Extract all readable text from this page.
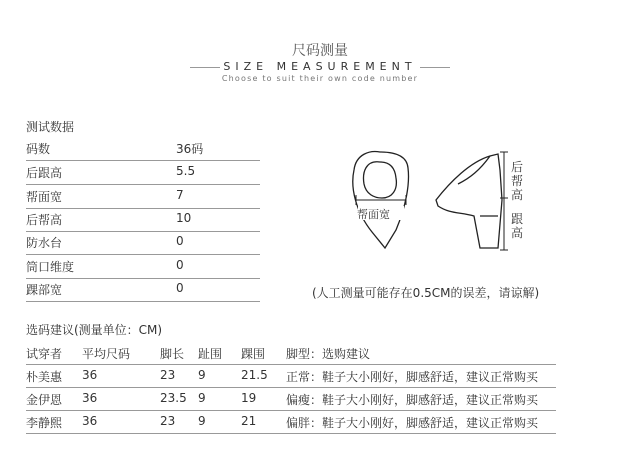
尺码测量
SIZE MEASUREMENT
Choose to suit their own code number
测试数据
码数	36码
后跟高	5.5
帮面宽	7
后帮高	10
防水台	0
筒口维度	0
踝部宽	0
帮面宽
后帮高
跟高
(人工测量可能存在0.5CM的误差，请谅解)
选码建议(测量单位：CM)
试穿者 平均尺码 脚长 趾围 踝围 脚型：选购建议
朴美惠 36	23 9	21.5 正常：鞋子大小刚好，脚感舒适，建议正常购买
金伊恩 36	23.5 9	19 偏瘦：鞋子大小刚好，脚感舒适，建议正常购买
李静熙 36	23 9	21 偏胖：鞋子大小刚好，脚感舒适，建议正常购买
